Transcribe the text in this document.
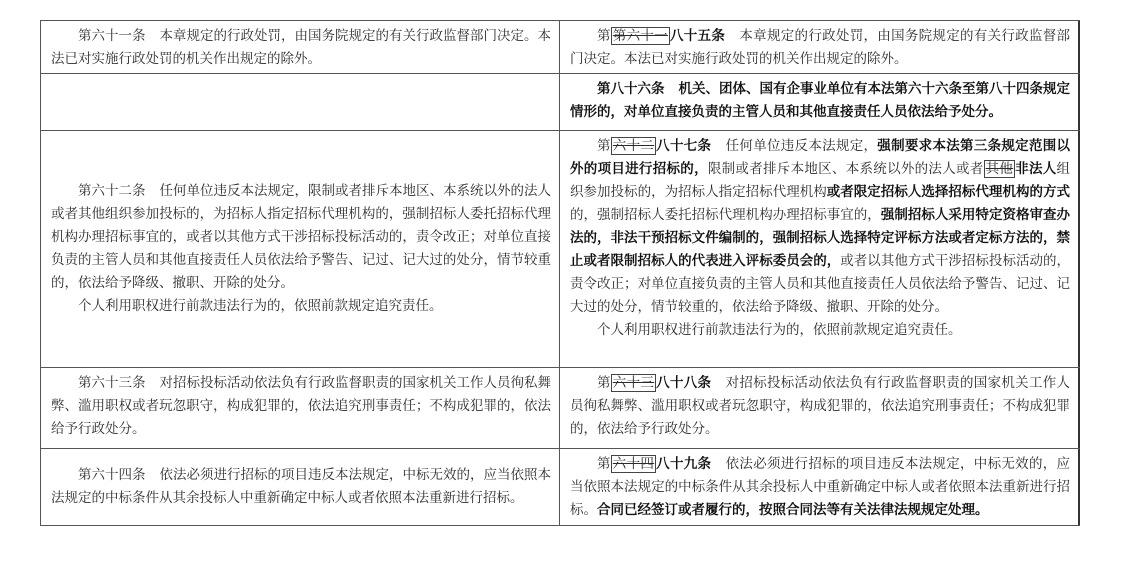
第六十一条 本章规定的行政处罚，由国务院规定的有关行政监督部门决定。本法已对实施行政处罚的机关作出规定的除外。

第 第六十一 八十五条 本章规定的行政处罚，由国务院规定的有关行政监督部门决定。本法已对实施行政处罚的机关作出规定的除外。

第八十六条 机关、团体、国有企事业单位有本法第六十六条至第八十四条规定情形的，对单位直接负责的主管人员和其他直接责任人员依法给予处分。

第六十二条 任何单位违反本法规定，限制或者排斥本地区、本系统以外的法人或者其他组织参加投标的，为招标人指定招标代理机构的，强制招标人委托招标代理机构办理招标事宜的，或者以其他方式干涉招标投标活动的，责令改正；对单位直接负责的主管人员和其他直接责任人员依法给予警告、记过、记大过的处分，情节较重的，依法给予降级、撤职、开除的处分。

个人利用职权进行前款违法行为的，依照前款规定追究责任。

第 六十二 八十七条 任何单位违反本法规定，强制要求本法第三条规定范围以外的项目进行招标的，限制或者排斥本地区、本系统以外的法人或者 其他 非法人组织参加投标的，为招标人指定招标代理机构或者限定招标人选择招标代理机构的方式的，强制招标人委托招标代理机构办理招标事宜的，强制招标人采用特定资格审查办法的，非法干预招标文件编制的，强制招标人选择特定评标方法或者定标方法的，禁止或者限制招标人的代表进入评标委员会的，或者以其他方式干涉招标投标活动的，责令改正；对单位直接负责的主管人员和其他直接责任人员依法给予警告、记过、记大过的处分，情节较重的，依法给予降级、撤职、开除的处分。

个人利用职权进行前款违法行为的，依照前款规定追究责任。

第六十三条 对招标投标活动依法负有行政监督职责的国家机关工作人员徇私舞弊、滥用职权或者玩忽职守，构成犯罪的，依法追究刑事责任；不构成犯罪的，依法给予行政处分。

第 六十三 八十八条 对招标投标活动依法负有行政监督职责的国家机关工作人员徇私舞弊、滥用职权或者玩忽职守，构成犯罪的，依法追究刑事责任；不构成犯罪的，依法给予行政处分。

第六十四条 依法必须进行招标的项目违反本法规定，中标无效的，应当依照本法规定的中标条件从其余投标人中重新确定中标人或者依照本法重新进行招标。

第 六十四 八十九条 依法必须进行招标的项目违反本法规定，中标无效的，应当依照本法规定的中标条件从其余投标人中重新确定中标人或者依照本法重新进行招标。合同已经签订或者履行的，按照合同法等有关法律法规规定处理。
